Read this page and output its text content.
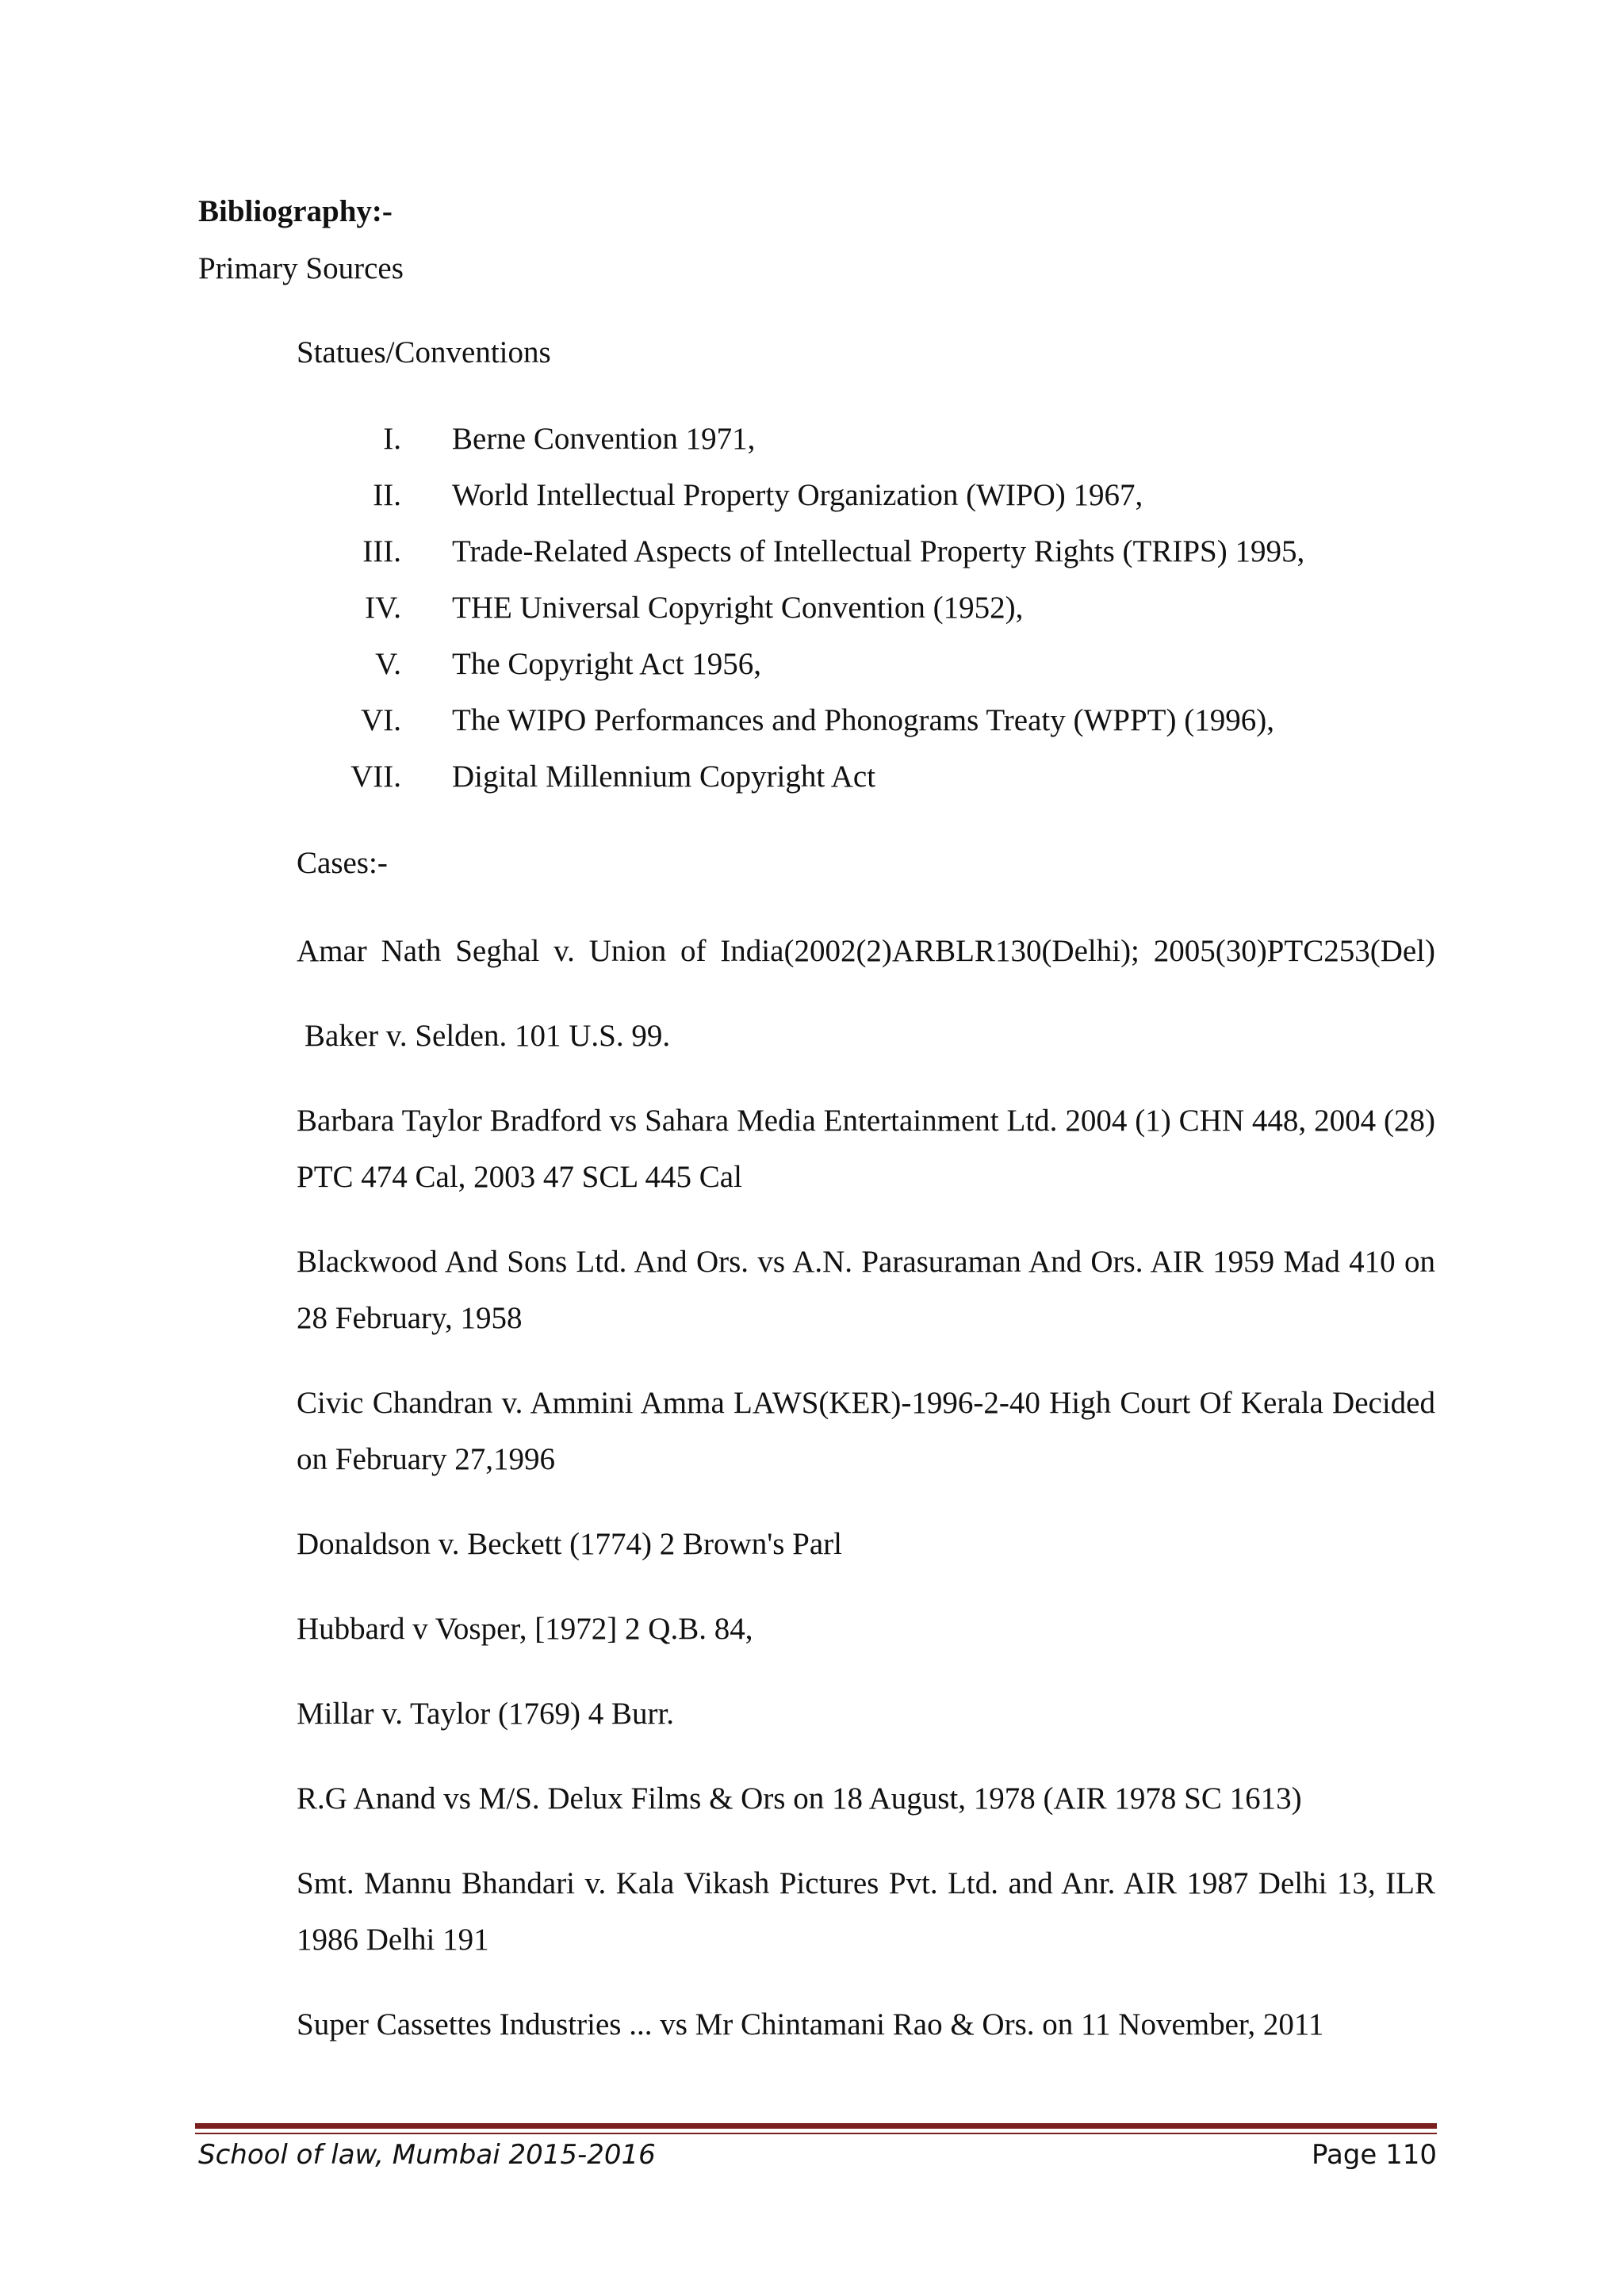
Bibliography:-
Primary Sources
Statues/Conventions
I.	Berne Convention 1971,
II.	World Intellectual Property Organization (WIPO) 1967,
III.	Trade-Related Aspects of Intellectual Property Rights (TRIPS) 1995,
IV.	THE Universal Copyright Convention (1952),
V.	The Copyright Act 1956,
VI.	The WIPO Performances and Phonograms Treaty (WPPT) (1996),
VII.	Digital Millennium Copyright Act
Cases:-

Amar Nath Seghal v. Union of India(2002(2)ARBLR130(Delhi); 2005(30)PTC253(Del)

Baker v. Selden. 101 U.S. 99.

Barbara Taylor Bradford vs Sahara Media Entertainment Ltd. 2004 (1) CHN 448, 2004 (28) PTC 474 Cal, 2003 47 SCL 445 Cal

Blackwood And Sons Ltd. And Ors. vs A.N. Parasuraman And Ors. AIR 1959 Mad 410 on 28 February, 1958

Civic Chandran v. Ammini Amma LAWS(KER)-1996-2-40 High Court Of Kerala Decided on February 27,1996

Donaldson v. Beckett (1774) 2 Brown's Parl

Hubbard v Vosper, [1972] 2 Q.B. 84,

Millar v. Taylor (1769) 4 Burr.

R.G Anand vs M/S. Delux Films & Ors on 18 August, 1978 (AIR 1978 SC 1613)

Smt. Mannu Bhandari v. Kala Vikash Pictures Pvt. Ltd. and Anr. AIR 1987 Delhi 13, ILR 1986 Delhi 191

Super Cassettes Industries ... vs Mr Chintamani Rao & Ors. on 11 November, 2011

School of law, Mumbai 2015-2016	Page 110
